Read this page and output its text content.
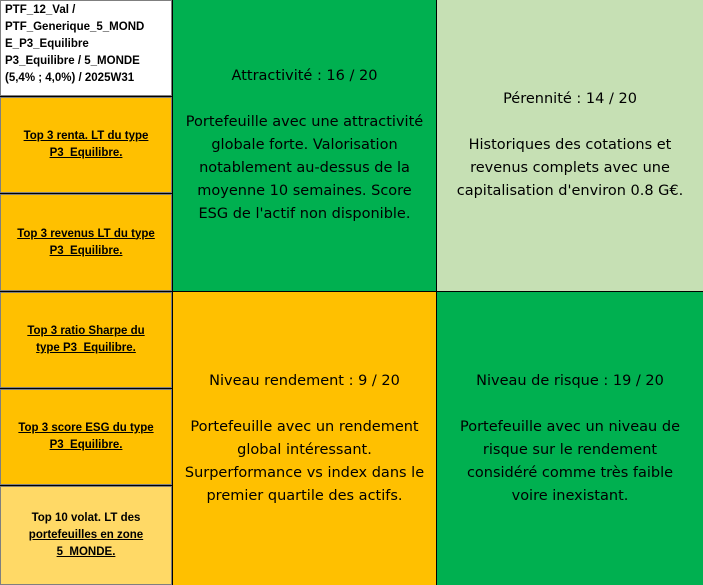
PTF_12_Val /
PTF_Generique_5_MOND
E_P3_Equilibre
P3_Equilibre / 5_MONDE
(5,4% ; 4,0%) / 2025W31
Top 3 renta. LT du type
P3_Equilibre.
Top 3 revenus LT du type
P3_Equilibre.
Top 3 ratio Sharpe du
type P3_Equilibre.
Top 3 score ESG du type
P3_Equilibre.
Top 10 volat. LT des
portefeuilles en zone
5_MONDE.
Attractivité : 16 / 20
Portefeuille avec une attractivité
globale forte. Valorisation
notablement au-dessus de la
moyenne 10 semaines. Score
ESG de l'actif non disponible.
Pérennité : 14 / 20
Historiques des cotations et
revenus complets avec une
capitalisation d'environ 0.8 G€.
Niveau rendement : 9 / 20
Portefeuille avec un rendement
global intéressant.
Surperformance vs index dans le
premier quartile des actifs.
Niveau de risque : 19 / 20
Portefeuille avec un niveau de
risque sur le rendement
considéré comme très faible
voire inexistant.
